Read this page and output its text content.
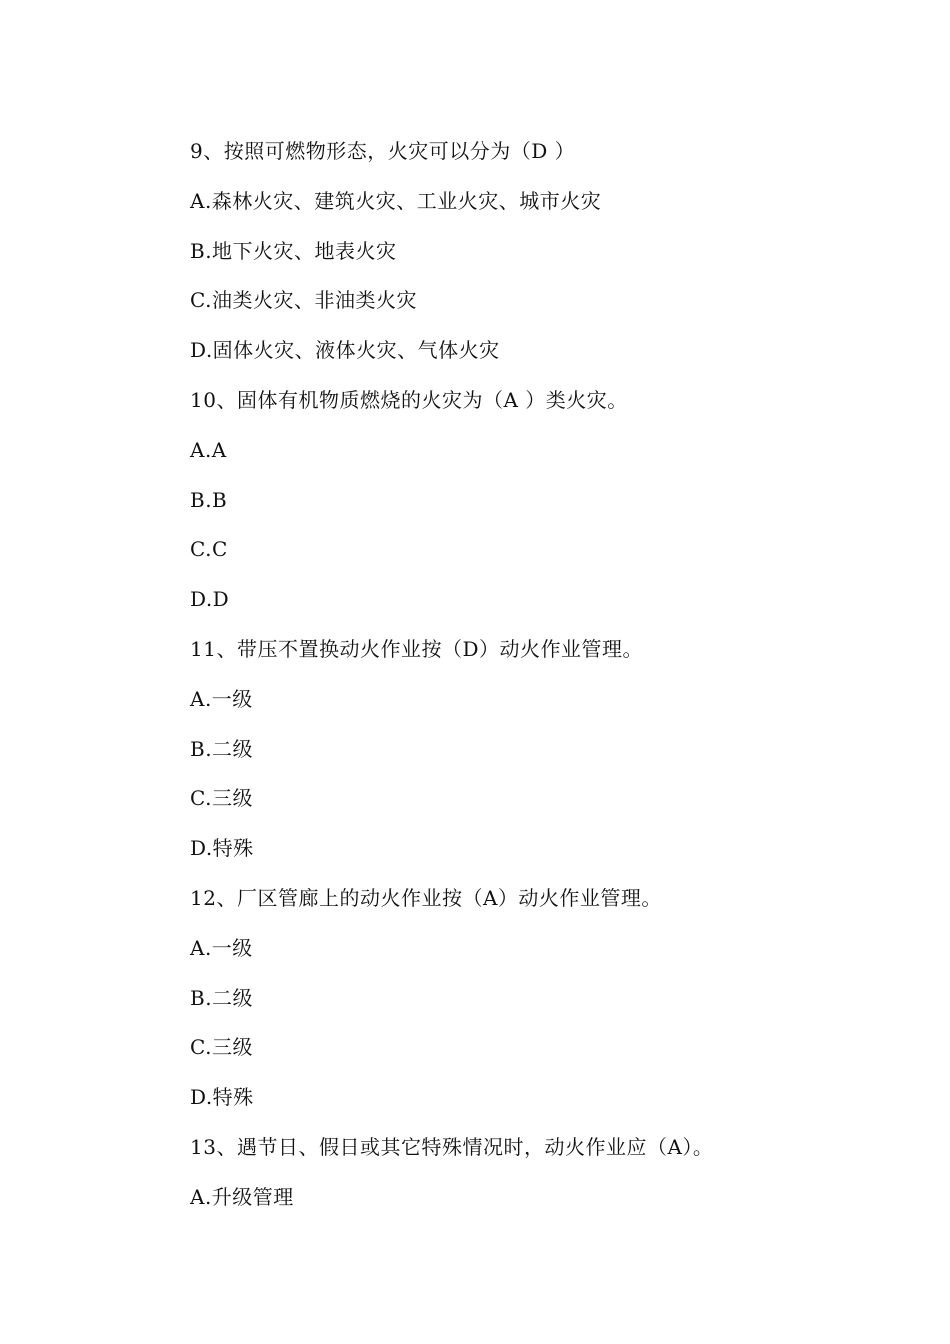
9、按照可燃物形态，火灾可以分为（D ）
A.森林火灾、建筑火灾、工业火灾、城市火灾
B.地下火灾、地表火灾
C.油类火灾、非油类火灾
D.固体火灾、液体火灾、气体火灾
10、固体有机物质燃烧的火灾为（A ）类火灾。
A.A
B.B
C.C
D.D
11、带压不置换动火作业按（D）动火作业管理。
A.一级
B.二级
C.三级
D.特殊
12、厂区管廊上的动火作业按（A）动火作业管理。
A.一级
B.二级
C.三级
D.特殊
13、遇节日、假日或其它特殊情况时，动火作业应（A）。
A.升级管理
